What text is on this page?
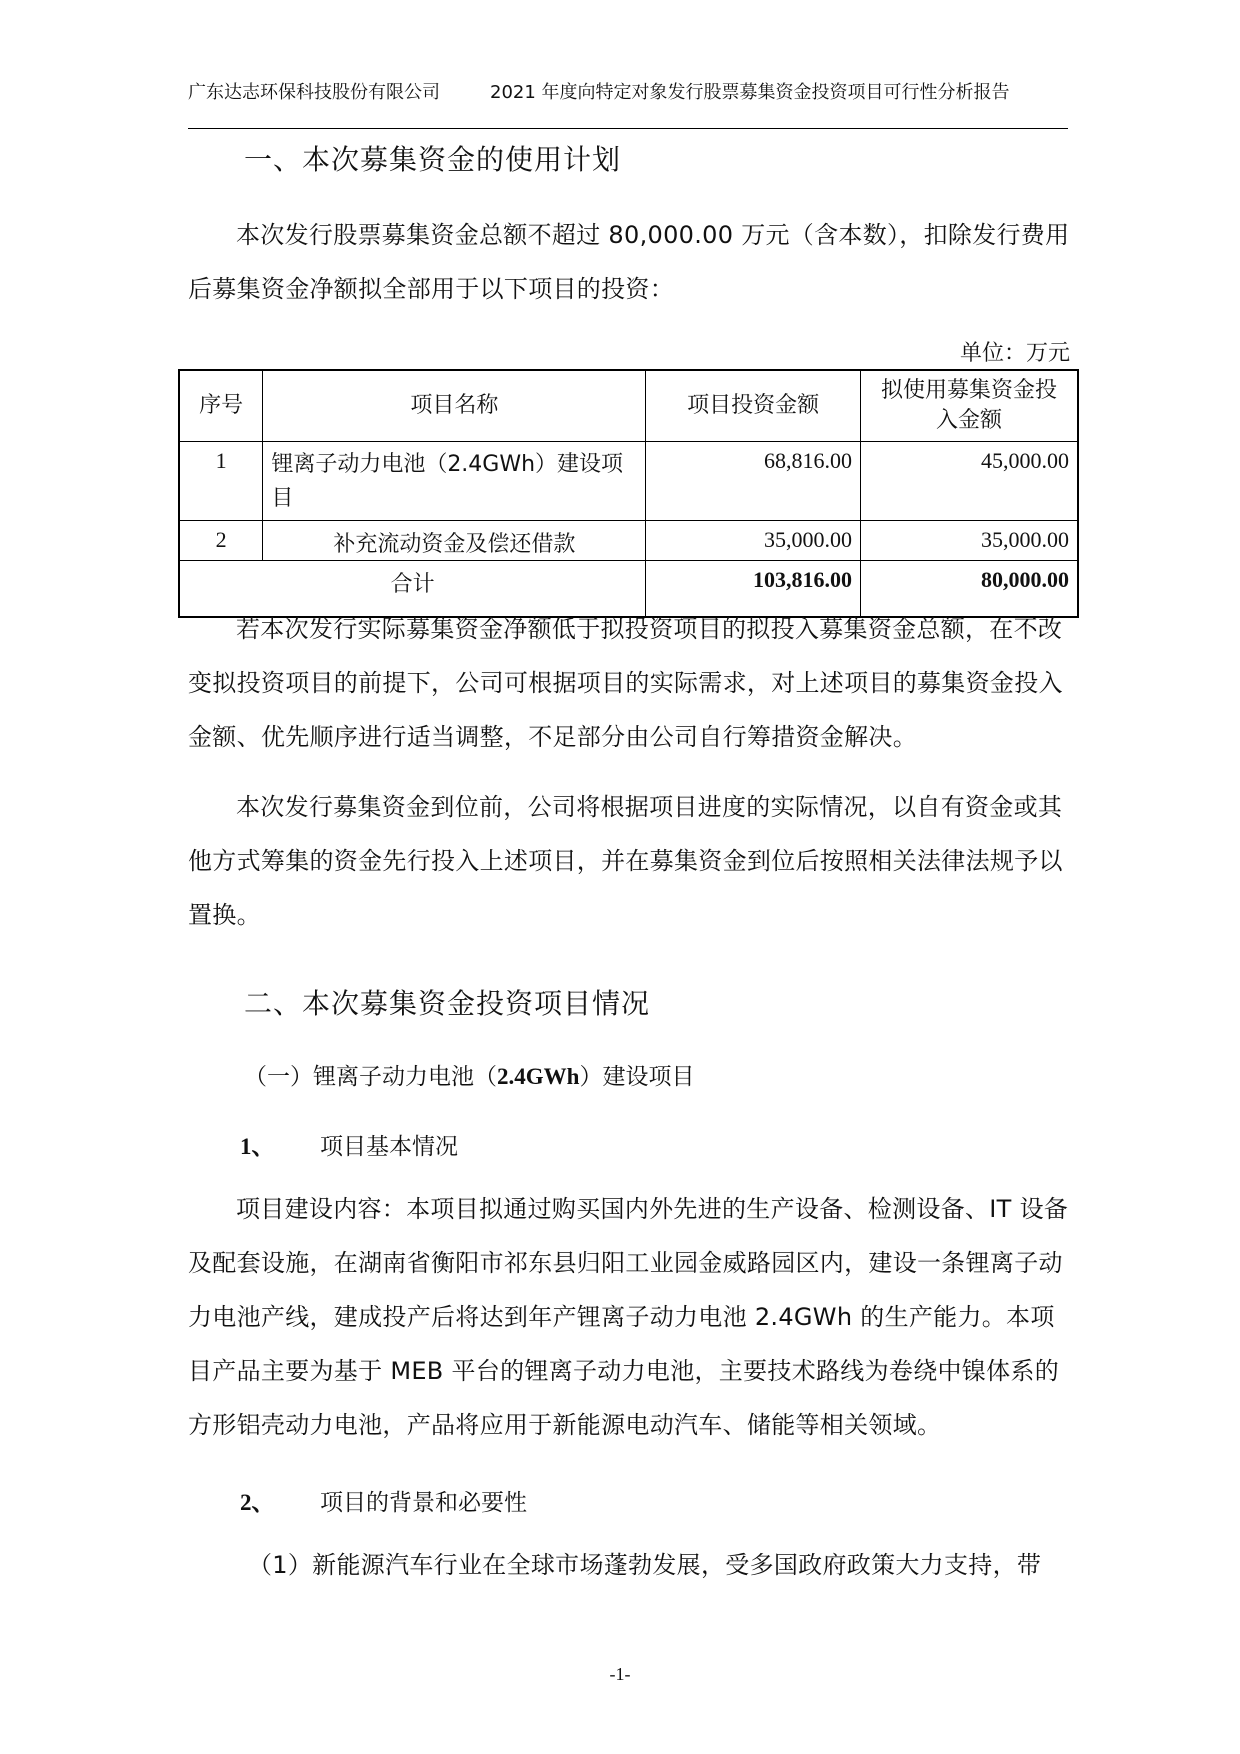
广东达志环保科技股份有限公司	2021 年度向特定对象发行股票募集资金投资项目可行性分析报告
一、本次募集资金的使用计划
本次发行股票募集资金总额不超过 80,000.00 万元（含本数），扣除发行费用后募集资金净额拟全部用于以下项目的投资：
单位：万元
序号	项目名称	项目投资金额	拟使用募集资金投入金额
1	锂离子动力电池（2.4GWh）建设项目	68,816.00	45,000.00
2	补充流动资金及偿还借款	35,000.00	35,000.00
合计		103,816.00	80,000.00
若本次发行实际募集资金净额低于拟投资项目的拟投入募集资金总额，在不改变拟投资项目的前提下，公司可根据项目的实际需求，对上述项目的募集资金投入金额、优先顺序进行适当调整，不足部分由公司自行筹措资金解决。
本次发行募集资金到位前，公司将根据项目进度的实际情况，以自有资金或其他方式筹集的资金先行投入上述项目，并在募集资金到位后按照相关法律法规予以置换。
二、本次募集资金投资项目情况
（一）锂离子动力电池（2.4GWh）建设项目
1、 项目基本情况
项目建设内容：本项目拟通过购买国内外先进的生产设备、检测设备、IT 设备及配套设施，在湖南省衡阳市祁东县归阳工业园金威路园区内，建设一条锂离子动力电池产线，建成投产后将达到年产锂离子动力电池 2.4GWh 的生产能力。本项目产品主要为基于 MEB 平台的锂离子动力电池，主要技术路线为卷绕中镍体系的方形铝壳动力电池，产品将应用于新能源电动汽车、储能等相关领域。
2、 项目的背景和必要性
（1）新能源汽车行业在全球市场蓬勃发展，受多国政府政策大力支持，带
-1-
